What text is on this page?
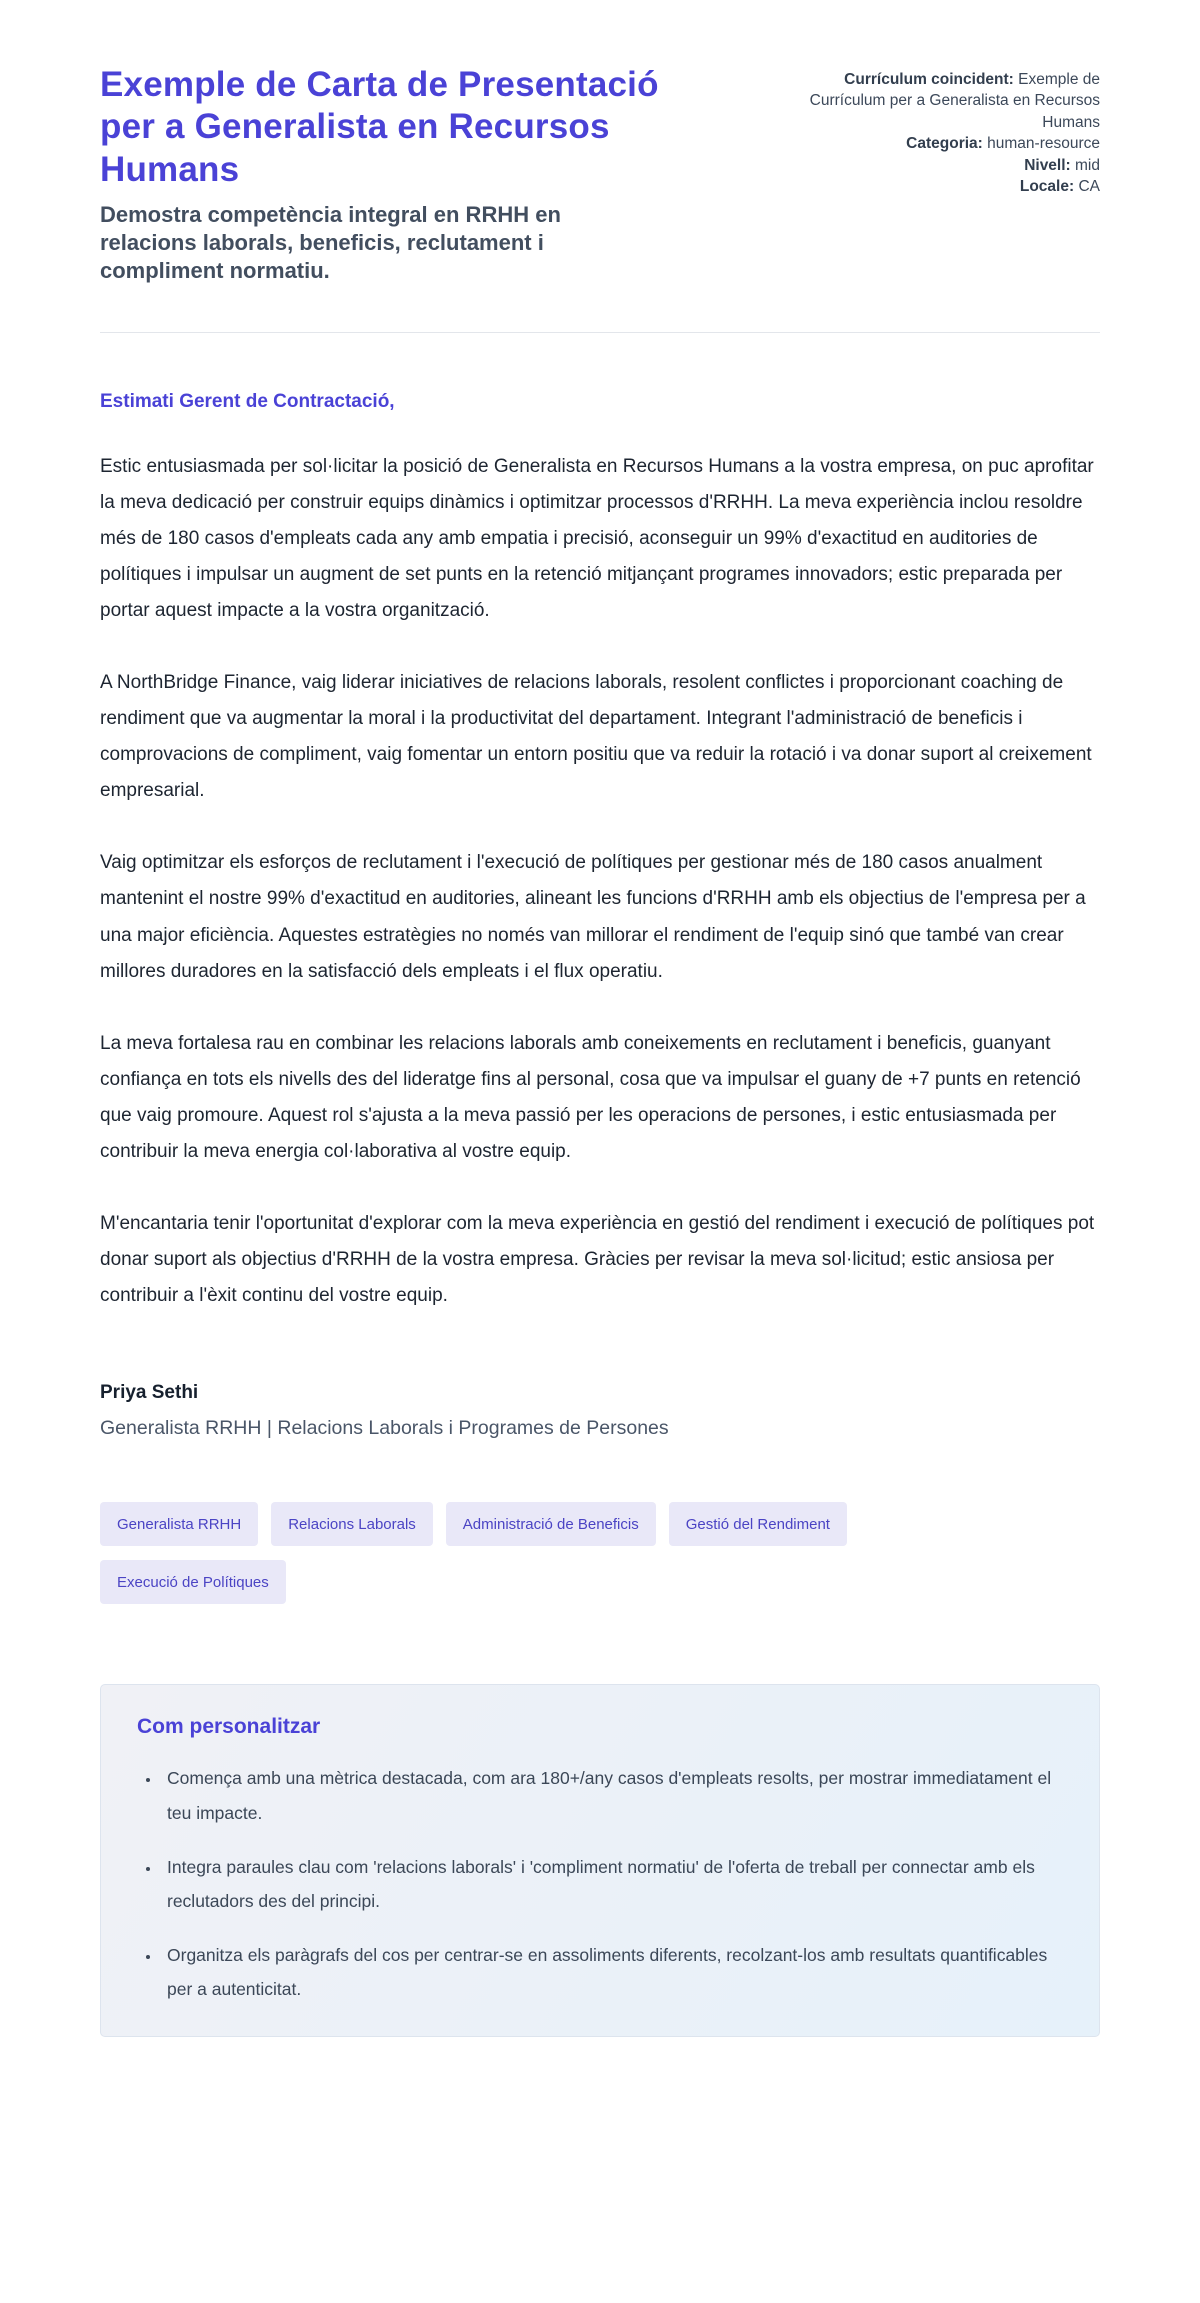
Exemple de Carta de Presentació per a Generalista en Recursos Humans

Demostra competència integral en RRHH en relacions laborals, beneficis, reclutament i compliment normatiu.

Currículum coincident: Exemple de Currículum per a Generalista en Recursos Humans
Categoria: human-resource
Nivell: mid
Locale: CA

Estimati Gerent de Contractació,

Estic entusiasmada per sol·licitar la posició de Generalista en Recursos Humans a la vostra empresa, on puc aprofitar la meva dedicació per construir equips dinàmics i optimitzar processos d'RRHH. La meva experiència inclou resoldre més de 180 casos d'empleats cada any amb empatia i precisió, aconseguir un 99% d'exactitud en auditories de polítiques i impulsar un augment de set punts en la retenció mitjançant programes innovadors; estic preparada per portar aquest impacte a la vostra organització.

A NorthBridge Finance, vaig liderar iniciatives de relacions laborals, resolent conflictes i proporcionant coaching de rendiment que va augmentar la moral i la productivitat del departament. Integrant l'administració de beneficis i comprovacions de compliment, vaig fomentar un entorn positiu que va reduir la rotació i va donar suport al creixement empresarial.

Vaig optimitzar els esforços de reclutament i l'execució de polítiques per gestionar més de 180 casos anualment mantenint el nostre 99% d'exactitud en auditories, alineant les funcions d'RRHH amb els objectius de l'empresa per a una major eficiència. Aquestes estratègies no només van millorar el rendiment de l'equip sinó que també van crear millores duradores en la satisfacció dels empleats i el flux operatiu.

La meva fortalesa rau en combinar les relacions laborals amb coneixements en reclutament i beneficis, guanyant confiança en tots els nivells des del lideratge fins al personal, cosa que va impulsar el guany de +7 punts en retenció que vaig promoure. Aquest rol s'ajusta a la meva passió per les operacions de persones, i estic entusiasmada per contribuir la meva energia col·laborativa al vostre equip.

M'encantaria tenir l'oportunitat d'explorar com la meva experiència en gestió del rendiment i execució de polítiques pot donar suport als objectius d'RRHH de la vostra empresa. Gràcies per revisar la meva sol·licitud; estic ansiosa per contribuir a l'èxit continu del vostre equip.

Priya Sethi

Generalista RRHH | Relacions Laborals i Programes de Persones

Generalista RRHH	Relacions Laborals	Administració de Beneficis	Gestió del Rendiment
Execució de Polítiques
Com personalitzar
• Comença amb una mètrica destacada, com ara 180+/any casos d'empleats resolts, per mostrar immediatament el teu impacte.
• Integra paraules clau com 'relacions laborals' i 'compliment normatiu' de l'oferta de treball per connectar amb els reclutadors des del principi.
• Organitza els paràgrafs del cos per centrar-se en assoliments diferents, recolzant-los amb resultats quantificables per a autenticitat.
